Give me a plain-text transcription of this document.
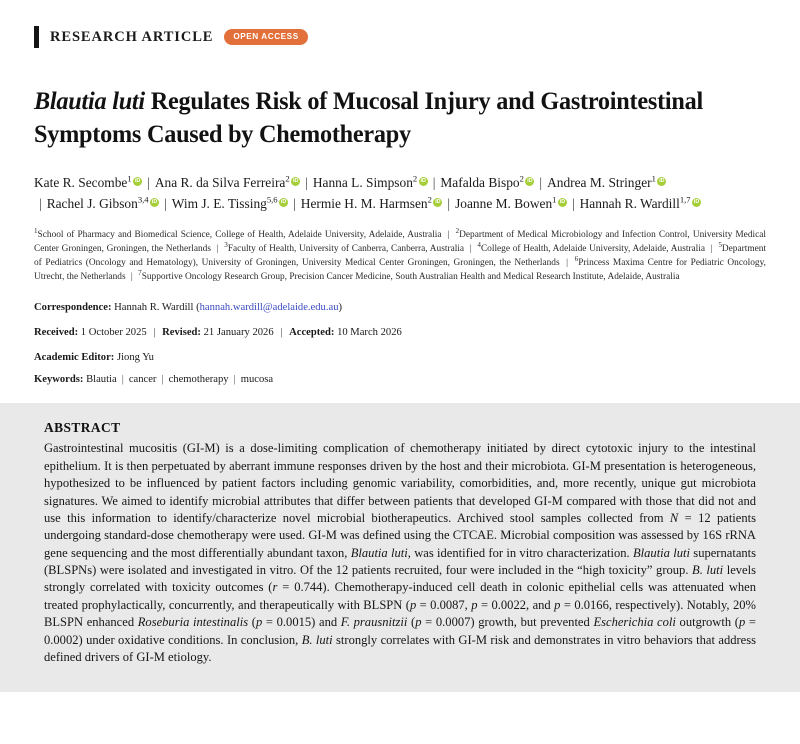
RESEARCH ARTICLE	OPEN ACCESS
Blautia luti Regulates Risk of Mucosal Injury and Gastrointestinal Symptoms Caused by Chemotherapy
Kate R. Secombe$^1$ iD | Ana R. da Silva Ferreira$^2$ iD | Hanna L. Simpson$^2$ iD | Mafalda Bispo$^2$ iD | Andrea M. Stringer$^1$iD| Rachel J. Gibson$^{3,4}$ iD | Wim J. E. Tissing$^{5,6}$ iD | Hermie H. M. Harmsen$^2$ iD | Joanne M. Bowen$^1$ iD | Hannah R. Wardill$^{1,7}$iD
$^1$School of Pharmacy and Biomedical Science, College of Health, Adelaide University, Adelaide, Australia | $^2$Department of Medical Microbiology and Infection Control, University Medical Center Groningen, Groningen, the Netherlands | $^3$Faculty of Health, University of Canberra, Canberra, Australia | $^4$College of Health, Adelaide University, Adelaide, Australia | $^5$Department of Pediatrics (Oncology and Hematology), University of Groningen, University Medical Center Groningen, Groningen, the Netherlands | $^6$Princess Maxima Centre for Pediatric Oncology, Utrecht, the Netherlands | $^7$Supportive Oncology Research Group, Precision Cancer Medicine, South Australian Health and Medical Research Institute, Adelaide, Australia
Correspondence: Hannah R. Wardill (hannah.wardill@adelaide.edu.au)
Received: 1 October 2025 | Revised: 21 January 2026 | Accepted: 10 March 2026
Academic Editor: Jiong Yu
Keywords: Blautia | cancer | chemotherapy | mucosa
ABSTRACT

Gastrointestinal mucositis (GI-M) is a dose-limiting complication of chemotherapy initiated by direct cytotoxic injury to the intestinal epithelium. It is then perpetuated by aberrant immune responses driven by the host and their microbiota. GI-M presentation is heterogeneous, hypothesized to be influenced by patient factors including genomic variability, comorbidities, and, more recently, unique gut microbiota signatures. We aimed to identify microbial attributes that differ between patients that developed GI-M compared with those that did not and use this information to identify/characterize novel microbial biotherapeutics. Archived stool samples collected from N = 12 patients undergoing standard-dose chemotherapy were used. GI-M was defined using the CTCAE. Microbial composition was assessed by 16S rRNA gene sequencing and the most differentially abundant taxon, Blautia luti, was identified for in vitro characterization. Blautia luti supernatants (BLSPNs) were isolated and investigated in vitro. Of the 12 patients recruited, four were included in the “high toxicity” group. B. luti levels strongly correlated with toxicity outcomes (r = 0.744). Chemotherapy-induced cell death in colonic epithelial cells was attenuated when treated prophylactically, concurrently, and therapeutically with BLSPN (p = 0.0087, p = 0.0022, and p = 0.0166, respectively). Notably, 20% BLSPN enhanced Roseburia intestinalis (p = 0.0015) and F. prausnitzii (p = 0.0007) growth, but prevented Escherichia coli outgrowth (p = 0.0002) under oxidative conditions. In conclusion, B. luti strongly correlates with GI-M risk and demonstrates in vitro behaviors that address defined drivers of GI-M etiology.
